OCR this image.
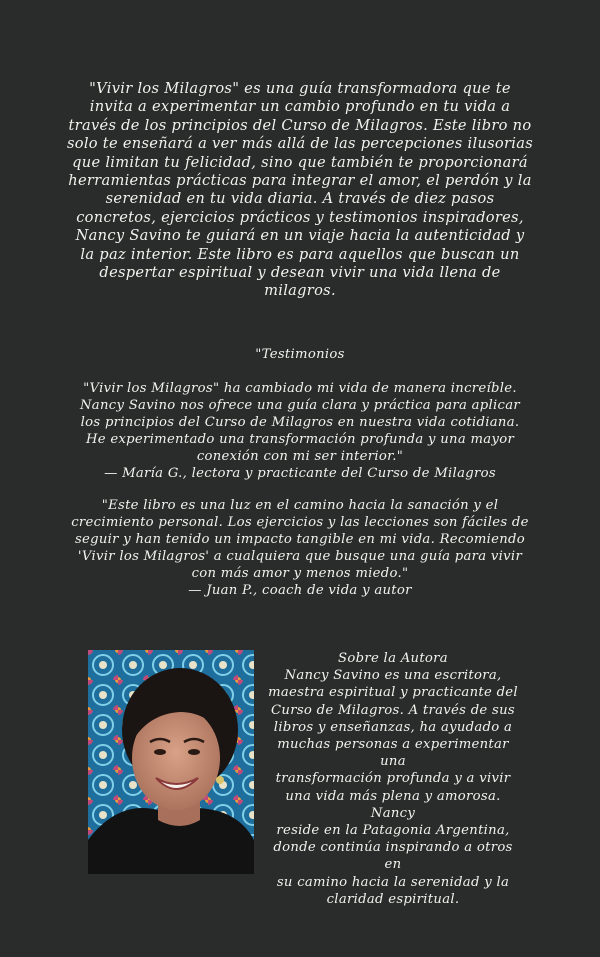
"Vivir los Milagros" es una guía transformadora que te
invita a experimentar un cambio profundo en tu vida a
través de los principios del Curso de Milagros. Este libro no
solo te enseñará a ver más allá de las percepciones ilusorias
que limitan tu felicidad, sino que también te proporcionará
herramientas prácticas para integrar el amor, el perdón y la
serenidad en tu vida diaria. A través de diez pasos
concretos, ejercicios prácticos y testimonios inspiradores,
Nancy Savino te guiará en un viaje hacia la autenticidad y
la paz interior. Este libro es para aquellos que buscan un
despertar espiritual y desean vivir una vida llena de
milagros.

"Testimonios

"Vivir los Milagros" ha cambiado mi vida de manera increíble.
Nancy Savino nos ofrece una guía clara y práctica para aplicar
los principios del Curso de Milagros en nuestra vida cotidiana.
He experimentado una transformación profunda y una mayor
conexión con mi ser interior."
— María G., lectora y practicante del Curso de Milagros

"Este libro es una luz en el camino hacia la sanación y el
crecimiento personal. Los ejercicios y las lecciones son fáciles de
seguir y han tenido un impacto tangible en mi vida. Recomiendo
'Vivir los Milagros' a cualquiera que busque una guía para vivir
con más amor y menos miedo."
— Juan P., coach de vida y autor

Sobre la Autora
Nancy Savino es una escritora,
maestra espiritual y practicante del
Curso de Milagros. A través de sus
libros y enseñanzas, ha ayudado a
muchas personas a experimentar una
transformación profunda y a vivir
una vida más plena y amorosa. Nancy
reside en la Patagonia Argentina,
donde continúa inspirando a otros en
su camino hacia la serenidad y la
claridad espiritual.
